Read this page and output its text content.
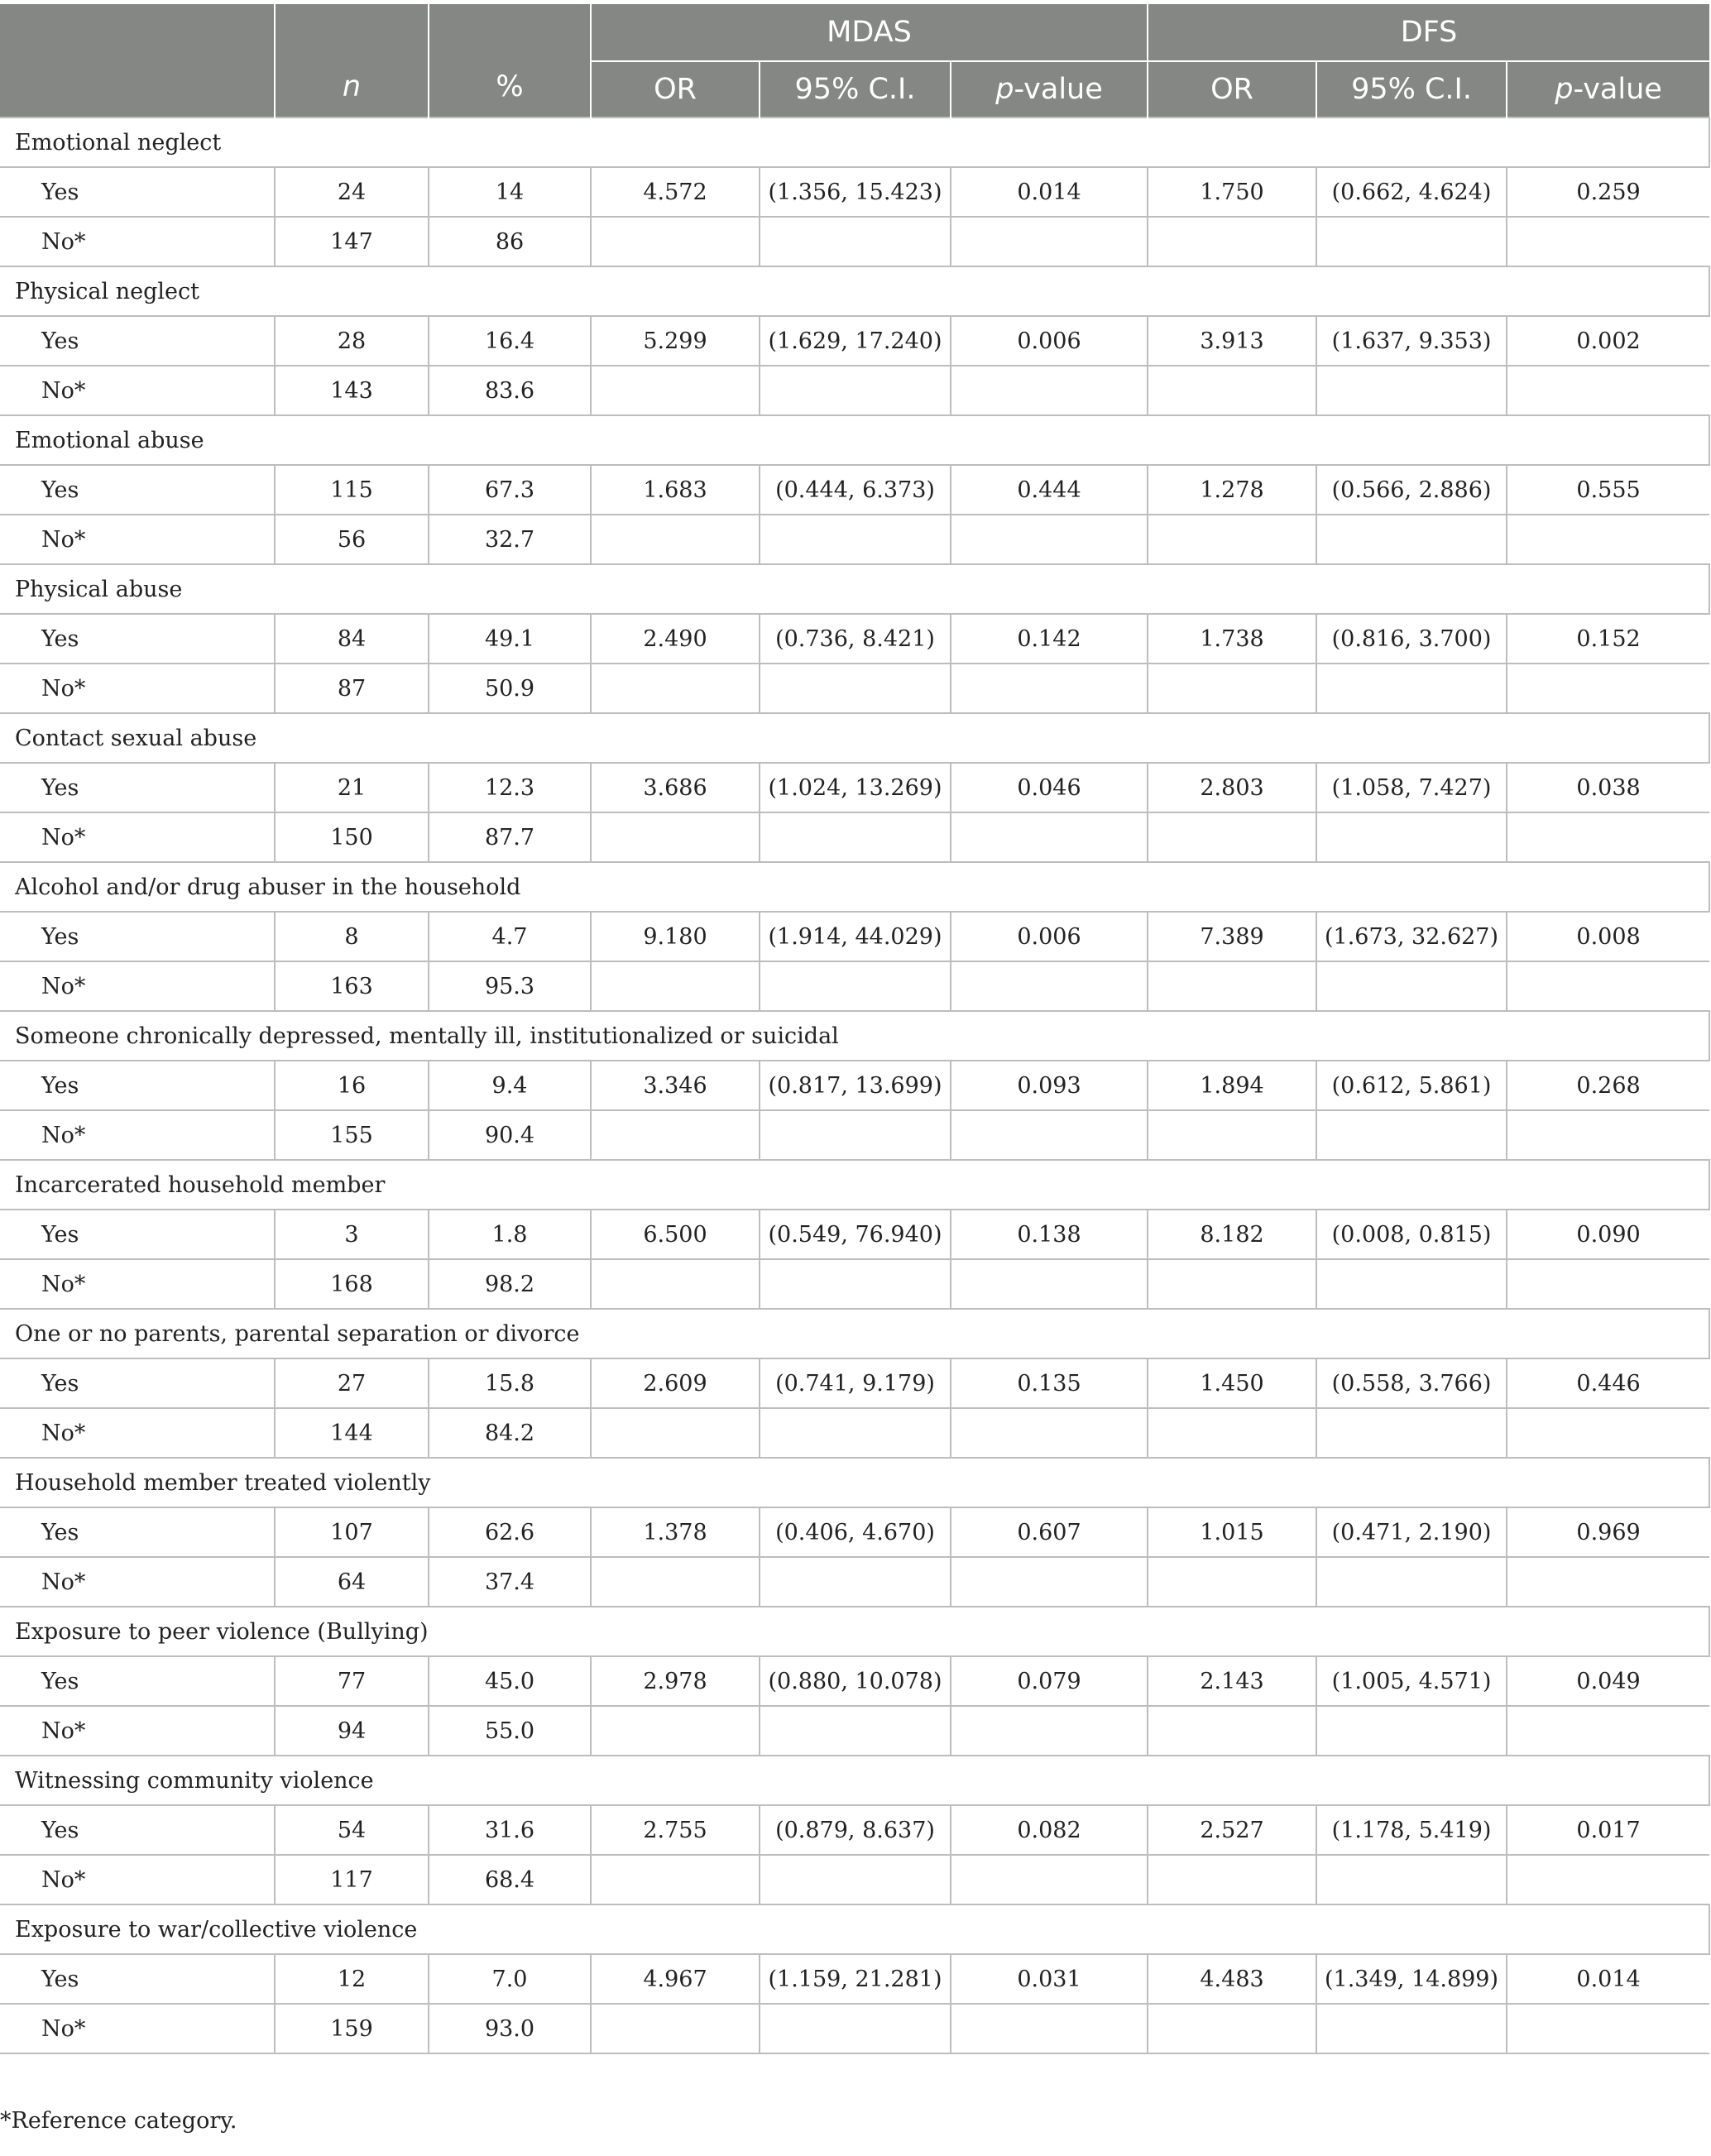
	n	%	MDAS			DFS		
			OR	95% C.I.	p-value	OR	95% C.I.	p-value
Emotional neglect								
Yes	24	14	4.572	(1.356, 15.423)	0.014	1.750	(0.662, 4.624)	0.259
No*	147	86						
Physical neglect								
Yes	28	16.4	5.299	(1.629, 17.240)	0.006	3.913	(1.637, 9.353)	0.002
No*	143	83.6						
Emotional abuse								
Yes	115	67.3	1.683	(0.444, 6.373)	0.444	1.278	(0.566, 2.886)	0.555
No*	56	32.7						
Physical abuse								
Yes	84	49.1	2.490	(0.736, 8.421)	0.142	1.738	(0.816, 3.700)	0.152
No*	87	50.9						
Contact sexual abuse								
Yes	21	12.3	3.686	(1.024, 13.269)	0.046	2.803	(1.058, 7.427)	0.038
No*	150	87.7						
Alcohol and/or drug abuser in the household								
Yes	8	4.7	9.180	(1.914, 44.029)	0.006	7.389	(1.673, 32.627)	0.008
No*	163	95.3						
Someone chronically depressed, mentally ill, institutionalized or suicidal								
Yes	16	9.4	3.346	(0.817, 13.699)	0.093	1.894	(0.612, 5.861)	0.268
No*	155	90.4						
Incarcerated household member								
Yes	3	1.8	6.500	(0.549, 76.940)	0.138	8.182	(0.008, 0.815)	0.090
No*	168	98.2						
One or no parents, parental separation or divorce								
Yes	27	15.8	2.609	(0.741, 9.179)	0.135	1.450	(0.558, 3.766)	0.446
No*	144	84.2						
Household member treated violently								
Yes	107	62.6	1.378	(0.406, 4.670)	0.607	1.015	(0.471, 2.190)	0.969
No*	64	37.4						
Exposure to peer violence (Bullying)								
Yes	77	45.0	2.978	(0.880, 10.078)	0.079	2.143	(1.005, 4.571)	0.049
No*	94	55.0						
Witnessing community violence								
Yes	54	31.6	2.755	(0.879, 8.637)	0.082	2.527	(1.178, 5.419)	0.017
No*	117	68.4						
Exposure to war/collective violence								
Yes	12	7.0	4.967	(1.159, 21.281)	0.031	4.483	(1.349, 14.899)	0.014
No*	159	93.0						
*Reference category.
